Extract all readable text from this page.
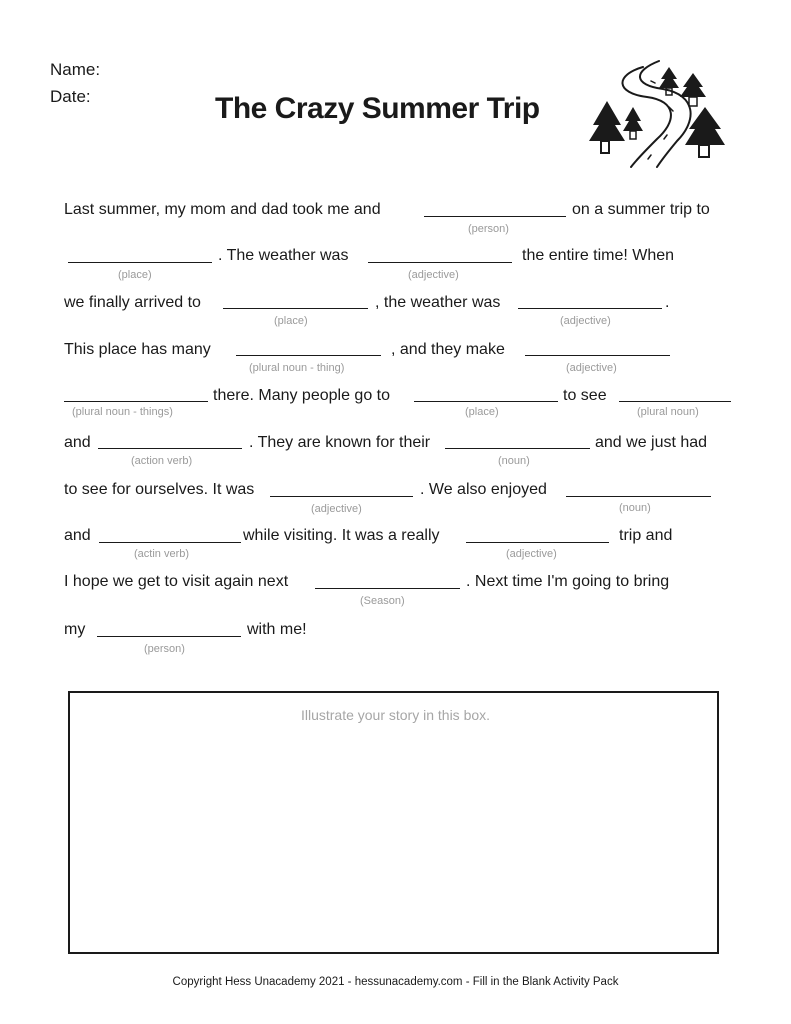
Name:
Date:	The Crazy Summer Trip
Last summer, my mom and dad took me and	on a summer trip to
(person)
. The weather was	the entire time! When
(place)	(adjective)
we finally arrived to	, the weather was	.
(place)	(adjective)
This place has many	, and they make
(plural noun - thing)	(adjective)
there. Many people go to	to see
(plural noun - things)	(place)	(plural noun)
and	. They are known for their	and we just had
(action verb)	(noun)
to see for ourselves. It was	. We also enjoyed
(adjective)	(noun)
and	while visiting. It was a really	trip and
(actin verb)	(adjective)
I hope we get to visit again next	. Next time I'm going to bring
(Season)
my	with me!
(person)
Illustrate your story in this box.
Copyright Hess Unacademy 2021 - hessunacademy.com - Fill in the Blank Activity Pack
